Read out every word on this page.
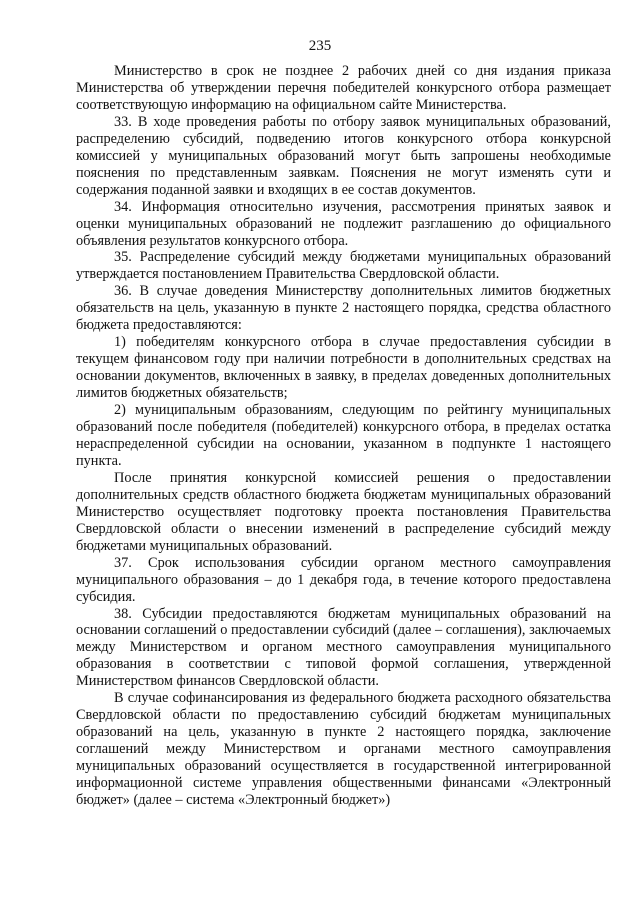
235

Министерство в срок не позднее 2 рабочих дней со дня издания приказа Министерства об утверждении перечня победителей конкурсного отбора размещает соответствующую информацию на официальном сайте Министерства.

33. В ходе проведения работы по отбору заявок муниципальных образований, распределению субсидий, подведению итогов конкурсного отбора конкурсной комиссией у муниципальных образований могут быть запрошены необходимые пояснения по представленным заявкам. Пояснения не могут изменять сути и содержания поданной заявки и входящих в ее состав документов.

34. Информация относительно изучения, рассмотрения принятых заявок и оценки муниципальных образований не подлежит разглашению до официального объявления результатов конкурсного отбора.

35. Распределение субсидий между бюджетами муниципальных образований утверждается постановлением Правительства Свердловской области.

36. В случае доведения Министерству дополнительных лимитов бюджетных обязательств на цель, указанную в пункте 2 настоящего порядка, средства областного бюджета предоставляются:

1) победителям конкурсного отбора в случае предоставления субсидии в текущем финансовом году при наличии потребности в дополнительных средствах на основании документов, включенных в заявку, в пределах доведенных дополнительных лимитов бюджетных обязательств;

2) муниципальным образованиям, следующим по рейтингу муниципальных образований после победителя (победителей) конкурсного отбора, в пределах остатка нераспределенной субсидии на основании, указанном в подпункте 1 настоящего пункта.

После принятия конкурсной комиссией решения о предоставлении дополнительных средств областного бюджета бюджетам муниципальных образований Министерство осуществляет подготовку проекта постановления Правительства Свердловской области о внесении изменений в распределение субсидий между бюджетами муниципальных образований.

37. Срок использования субсидии органом местного самоуправления муниципального образования – до 1 декабря года, в течение которого предоставлена субсидия.

38. Субсидии предоставляются бюджетам муниципальных образований на основании соглашений о предоставлении субсидий (далее – соглашения), заключаемых между Министерством и органом местного самоуправления муниципального образования в соответствии с типовой формой соглашения, утвержденной Министерством финансов Свердловской области.

В случае софинансирования из федерального бюджета расходного обязательства Свердловской области по предоставлению субсидий бюджетам муниципальных образований на цель, указанную в пункте 2 настоящего порядка, заключение соглашений между Министерством и органами местного самоуправления муниципальных образований осуществляется в государственной интегрированной информационной системе управления общественными финансами «Электронный бюджет» (далее – система «Электронный бюджет»)
